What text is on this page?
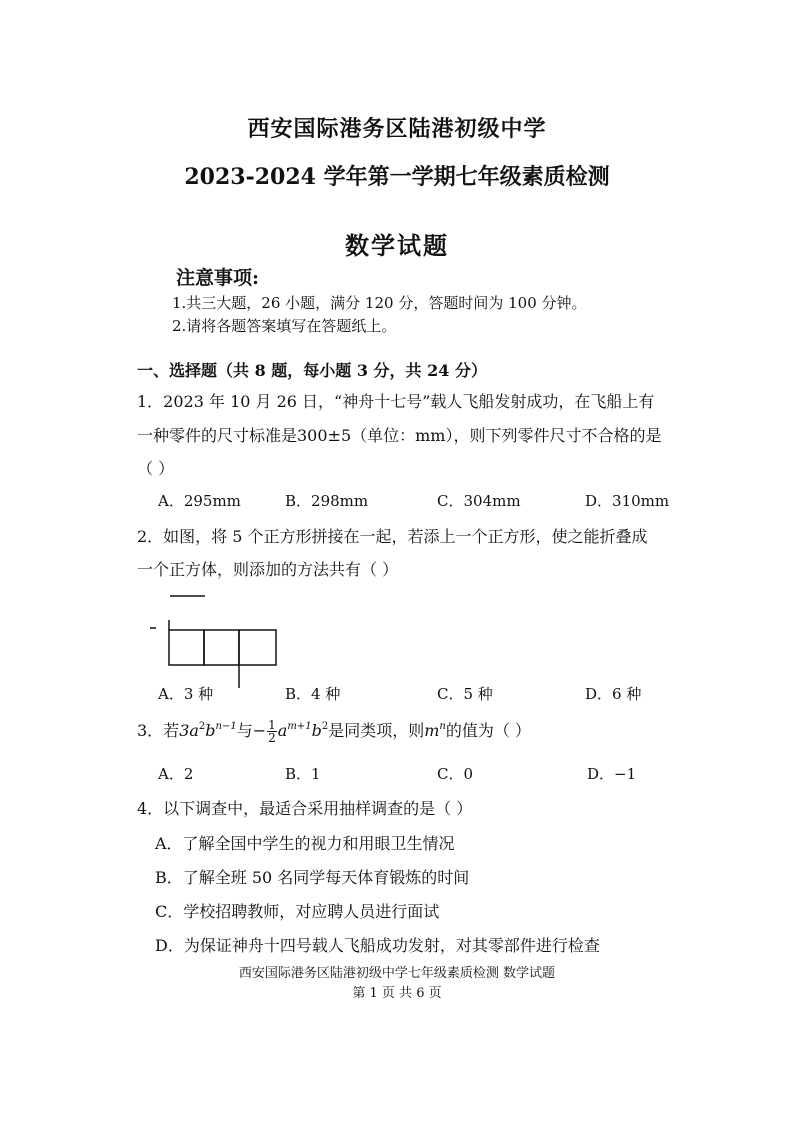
西安国际港务区陆港初级中学
2023-2024 学年第一学期七年级素质检测
数学试题
注意事项:
1.共三大题，26 小题，满分 120 分，答题时间为 100 分钟。
2.请将各题答案填写在答题纸上。
一、选择题（共 8 题，每小题 3 分，共 24 分）
1．2023 年 10 月 26 日，“神舟十七号”载人飞船发射成功，在飞船上有
一种零件的尺寸标准是300±5（单位：mm），则下列零件尺寸不合格的是
（ ）
A．295mm	B．298mm	C．304mm	D．310mm
2．如图，将 5 个正方形拼接在一起，若添上一个正方形，使之能折叠成
一个正方体，则添加的方法共有（ ）
A．3 种	B．4 种	C．5 种	D．6 种
3．若$3a^2b^{n-1}$与− $\frac{1}{2} a^{m+1}b^2$是同类项，则$m^n$的值为（ ）
A．2	B．1	C．0	D．−1
4．以下调查中，最适合采用抽样调查的是（ ）
A．了解全国中学生的视力和用眼卫生情况
B．了解全班 50 名同学每天体育锻炼的时间
C．学校招聘教师，对应聘人员进行面试
D．为保证神舟十四号载人飞船成功发射，对其零部件进行检查
西安国际港务区陆港初级中学七年级素质检测 数学试题
第 1 页 共 6 页
